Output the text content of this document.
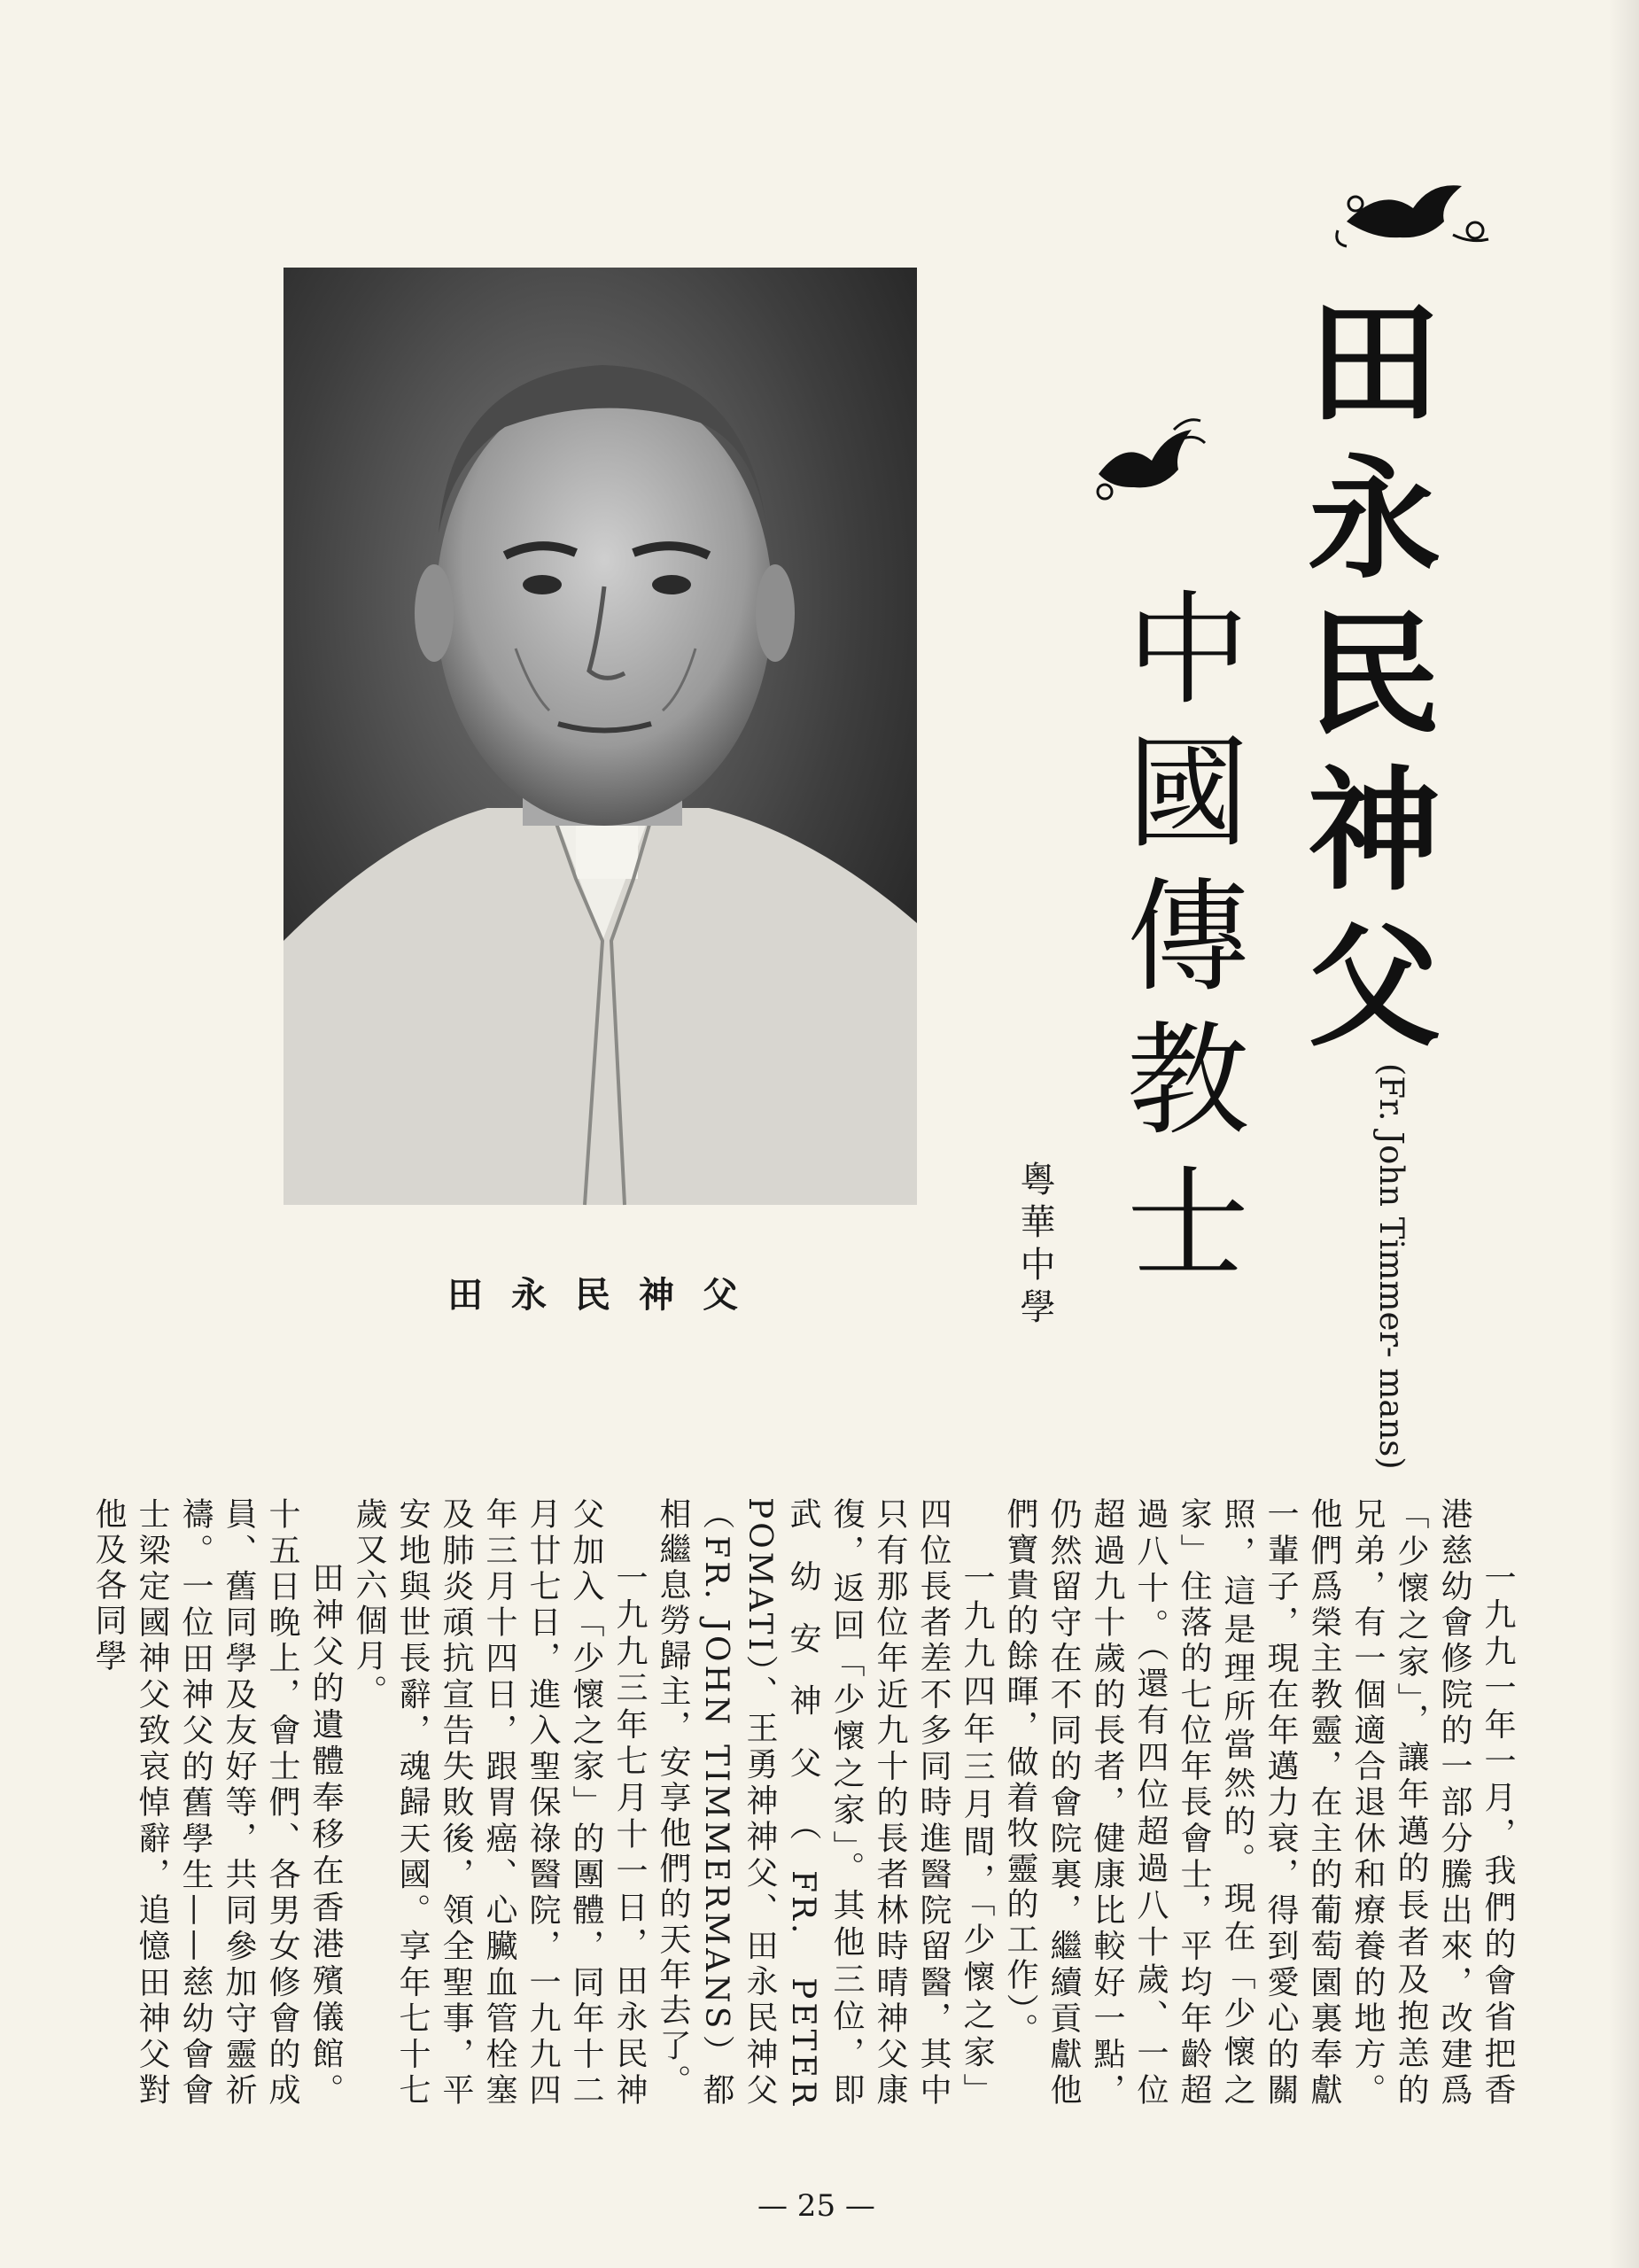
田永民神父
田永民神父
中國傳教士	(Fr. John Timmer- mans)
粵華中學

一九九一年一月，我們的會省把香港慈幼會修院的一部分騰出來，改建爲「少懷之家」，讓年邁的長者及抱恙的兄弟，有一個適合退休和療養的地方。他們爲榮主教靈，在主的葡萄園裏奉獻一輩子，現在年邁力衰，得到愛心的關照，這是理所當然的。現在「少懷之家」住落的七位年長會士，平均年齡超過八十。（還有四位超過八十歲、一位超過九十歲的長者，健康比較好一點，仍然留守在不同的會院裏，繼續貢獻他們寶貴的餘暉，做着牧靈的工作）。

一九九四年三月間，「少懷之家」四位長者差不多同時進醫院留醫，其中只有那位年近九十的長者林時晴神父康復，返回「少懷之家」。其他三位，即武幼安神父（FR. PETER POMATI）、王勇神神父、田永民神父（FR. JOHN TIMMERMANS）都相繼息勞歸主，安享他們的天年去了。

一九九三年七月十一日，田永民神父加入「少懷之家」的團體，同年十二月廿七日，進入聖保祿醫院，一九九四年三月十四日，跟胃癌、心臟血管栓塞及肺炎頑抗宣告失敗後，領全聖事，平安地與世長辭，魂歸天國。享年七十七歲又六個月。

田神父的遺體奉移在香港殯儀館。十五日晚上，會士們、各男女修會的成員、舊同學及友好等，共同參加守靈祈禱。一位田神父的舊學生——慈幼會會士梁定國神父致哀悼辭，追憶田神父對他及各同學

— 25 —
